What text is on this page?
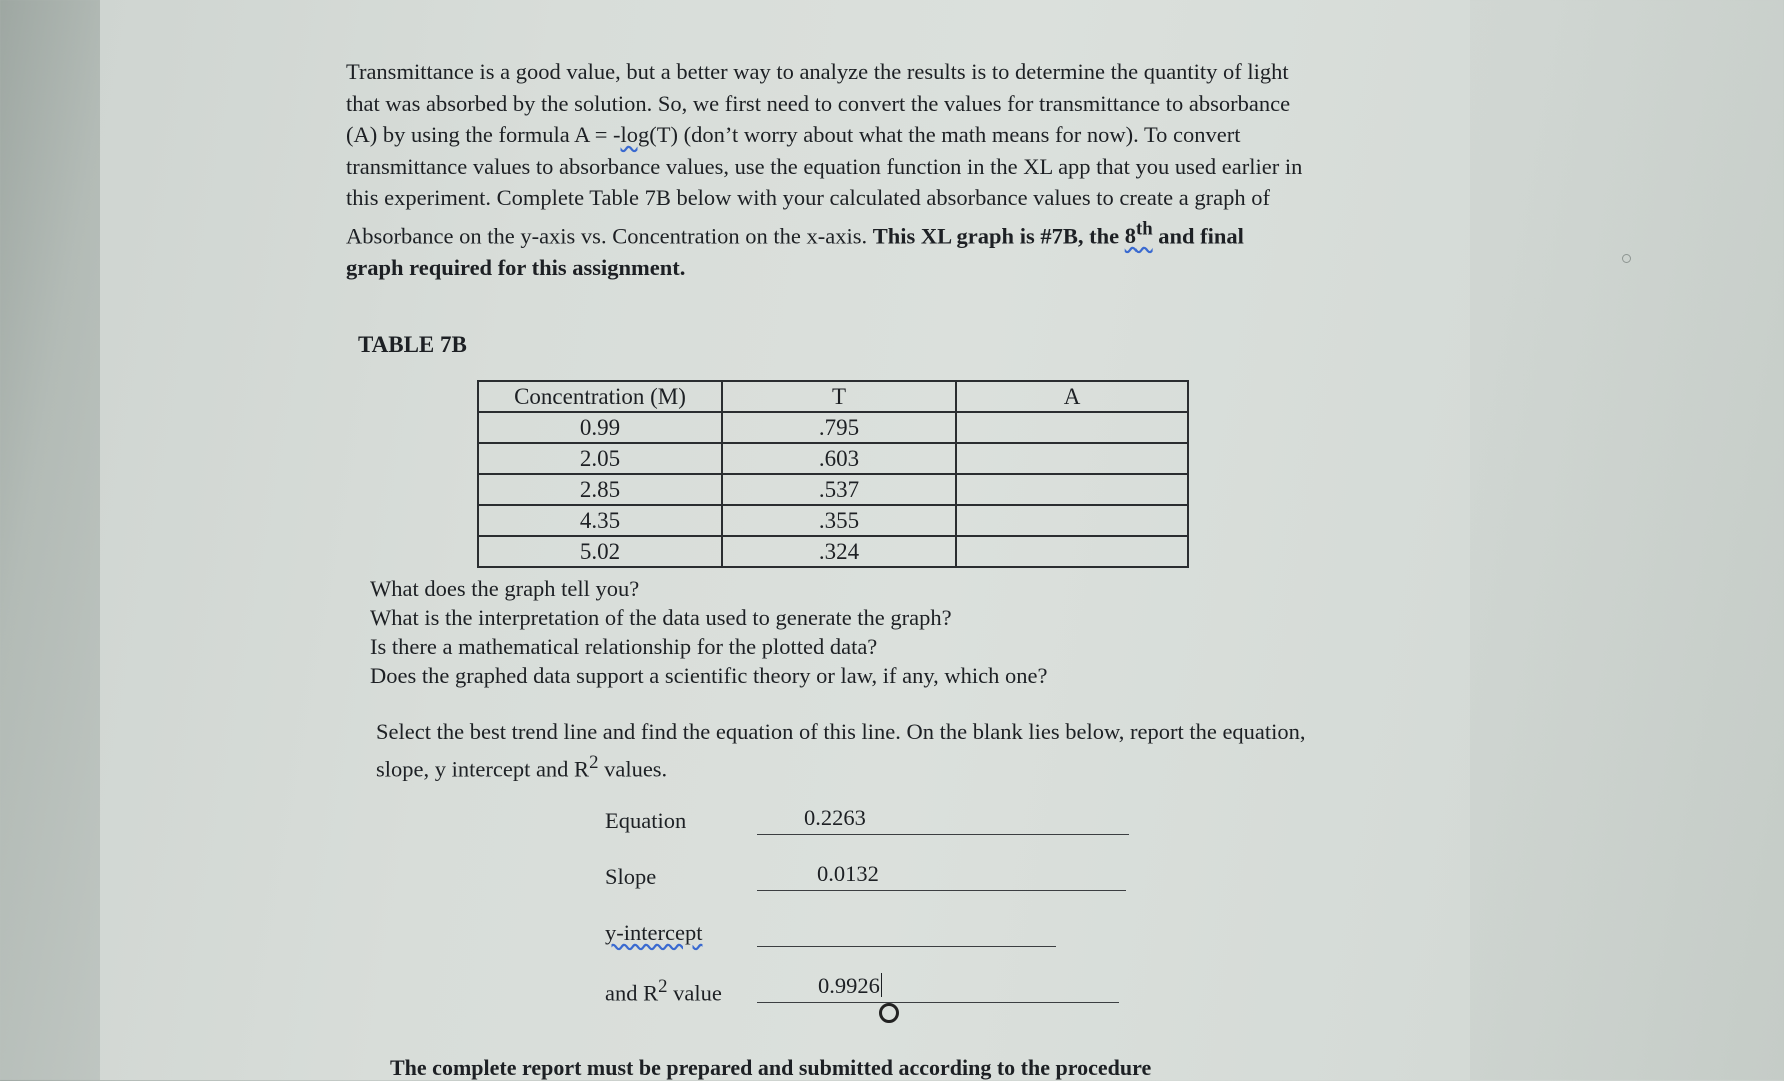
Transmittance is a good value, but a better way to analyze the results is to determine the quantity of light that was absorbed by the solution. So, we first need to convert the values for transmittance to absorbance (A) by using the formula A = -log(T) (don’t worry about what the math means for now). To convert transmittance values to absorbance values, use the equation function in the XL app that you used earlier in this experiment. Complete Table 7B below with your calculated absorbance values to create a graph of Absorbance on the y-axis vs. Concentration on the x-axis. This XL graph is #7B, the 8th and final graph required for this assignment.

TABLE 7B

Concentration (M)	T	A
0.99	.795	
2.05	.603	
2.85	.537	
4.35	.355	
5.02	.324	
What does the graph tell you?
What is the interpretation of the data used to generate the graph?
Is there a mathematical relationship for the plotted data?
Does the graphed data support a scientific theory or law, if any, which one?

Select the best trend line and find the equation of this line. On the blank lies below, report the equation, slope, y intercept and $R^2$ values.

Equation	0.2263
Slope	0.0132
y-intercept
and $R^2$ value	0.9926

The complete report must be prepared and submitted according to the procedure
